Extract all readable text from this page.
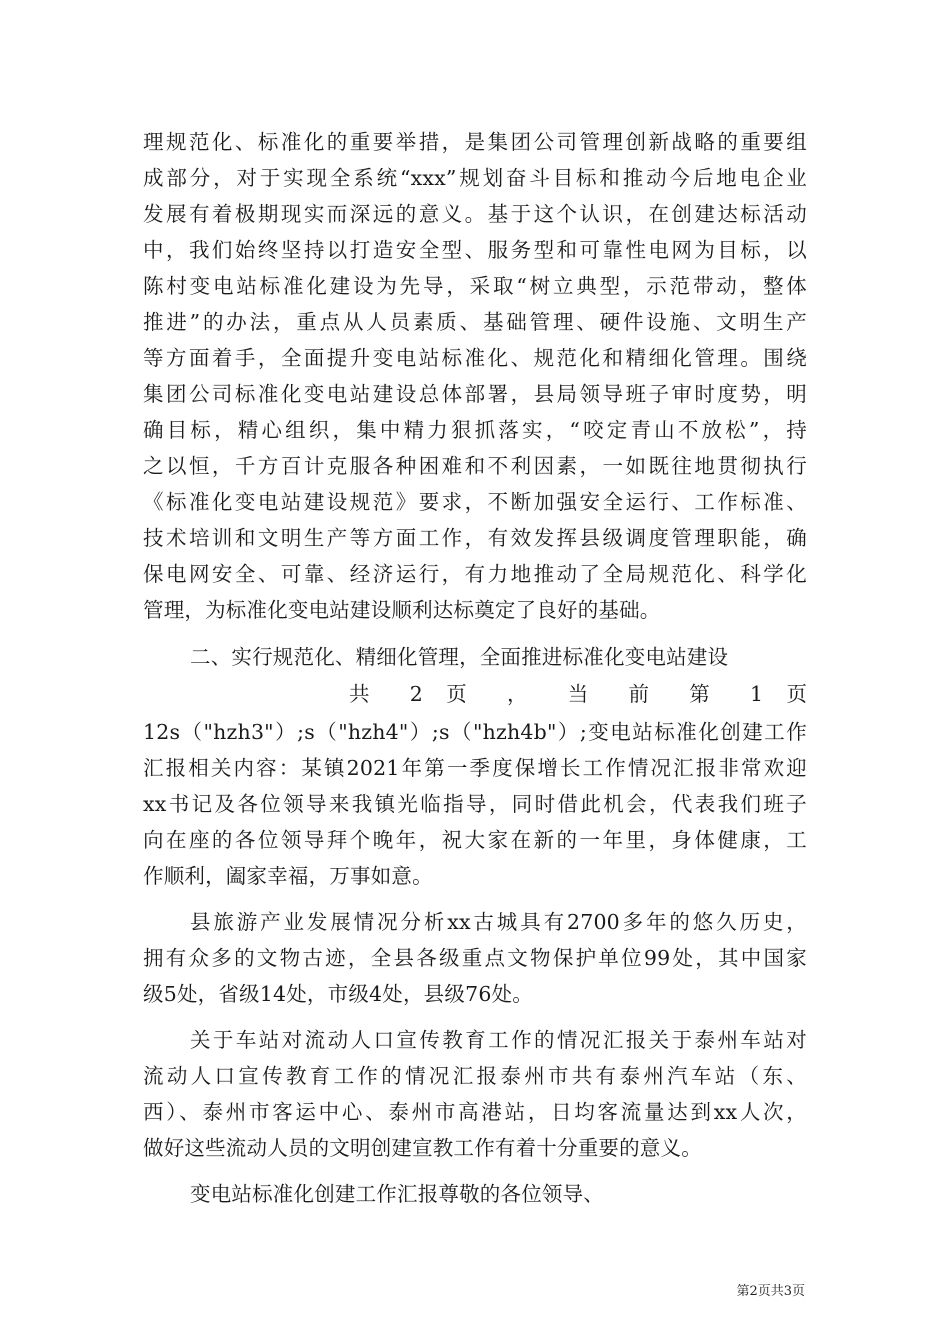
理规范化、标准化的重要举措，是集团公司管理创新战略的重要组
成部分，对于实现全系统“xxx”规划奋斗目标和推动今后地电企业
发展有着极期现实而深远的意义。基于这个认识，在创建达标活动
中，我们始终坚持以打造安全型、服务型和可靠性电网为目标，以
陈村变电站标准化建设为先导，采取“树立典型，示范带动，整体
推进”的办法，重点从人员素质、基础管理、硬件设施、文明生产
等方面着手，全面提升变电站标准化、规范化和精细化管理。围绕
集团公司标准化变电站建设总体部署，县局领导班子审时度势，明
确目标，精心组织，集中精力狠抓落实，“咬定青山不放松”，持
之以恒，千方百计克服各种困难和不利因素，一如既往地贯彻执行
《标准化变电站建设规范》要求，不断加强安全运行、工作标准、
技术培训和文明生产等方面工作，有效发挥县级调度管理职能，确
保电网安全、可靠、经济运行，有力地推动了全局规范化、科学化
管理，为标准化变电站建设顺利达标奠定了良好的基础。
二、实行规范化、精细化管理，全面推进标准化变电站建设
共 2 页 ， 当 前 第 1 页
12s（"hzh3"）;s（"hzh4"）;s（"hzh4b"）;变电站标准化创建工作
汇报相关内容：某镇2021年第一季度保增长工作情况汇报非常欢迎
xx书记及各位领导来我镇光临指导，同时借此机会，代表我们班子
向在座的各位领导拜个晚年，祝大家在新的一年里，身体健康，工
作顺利，阖家幸福，万事如意。
县旅游产业发展情况分析xx古城具有2700多年的悠久历史，
拥有众多的文物古迹，全县各级重点文物保护单位99处，其中国家
级5处，省级14处，市级4处，县级76处。
关于车站对流动人口宣传教育工作的情况汇报关于泰州车站对
流动人口宣传教育工作的情况汇报泰州市共有泰州汽车站（东、
西）、泰州市客运中心、泰州市高港站，日均客流量达到xx人次，
做好这些流动人员的文明创建宣教工作有着十分重要的意义。
变电站标准化创建工作汇报尊敬的各位领导、
第2页共3页
